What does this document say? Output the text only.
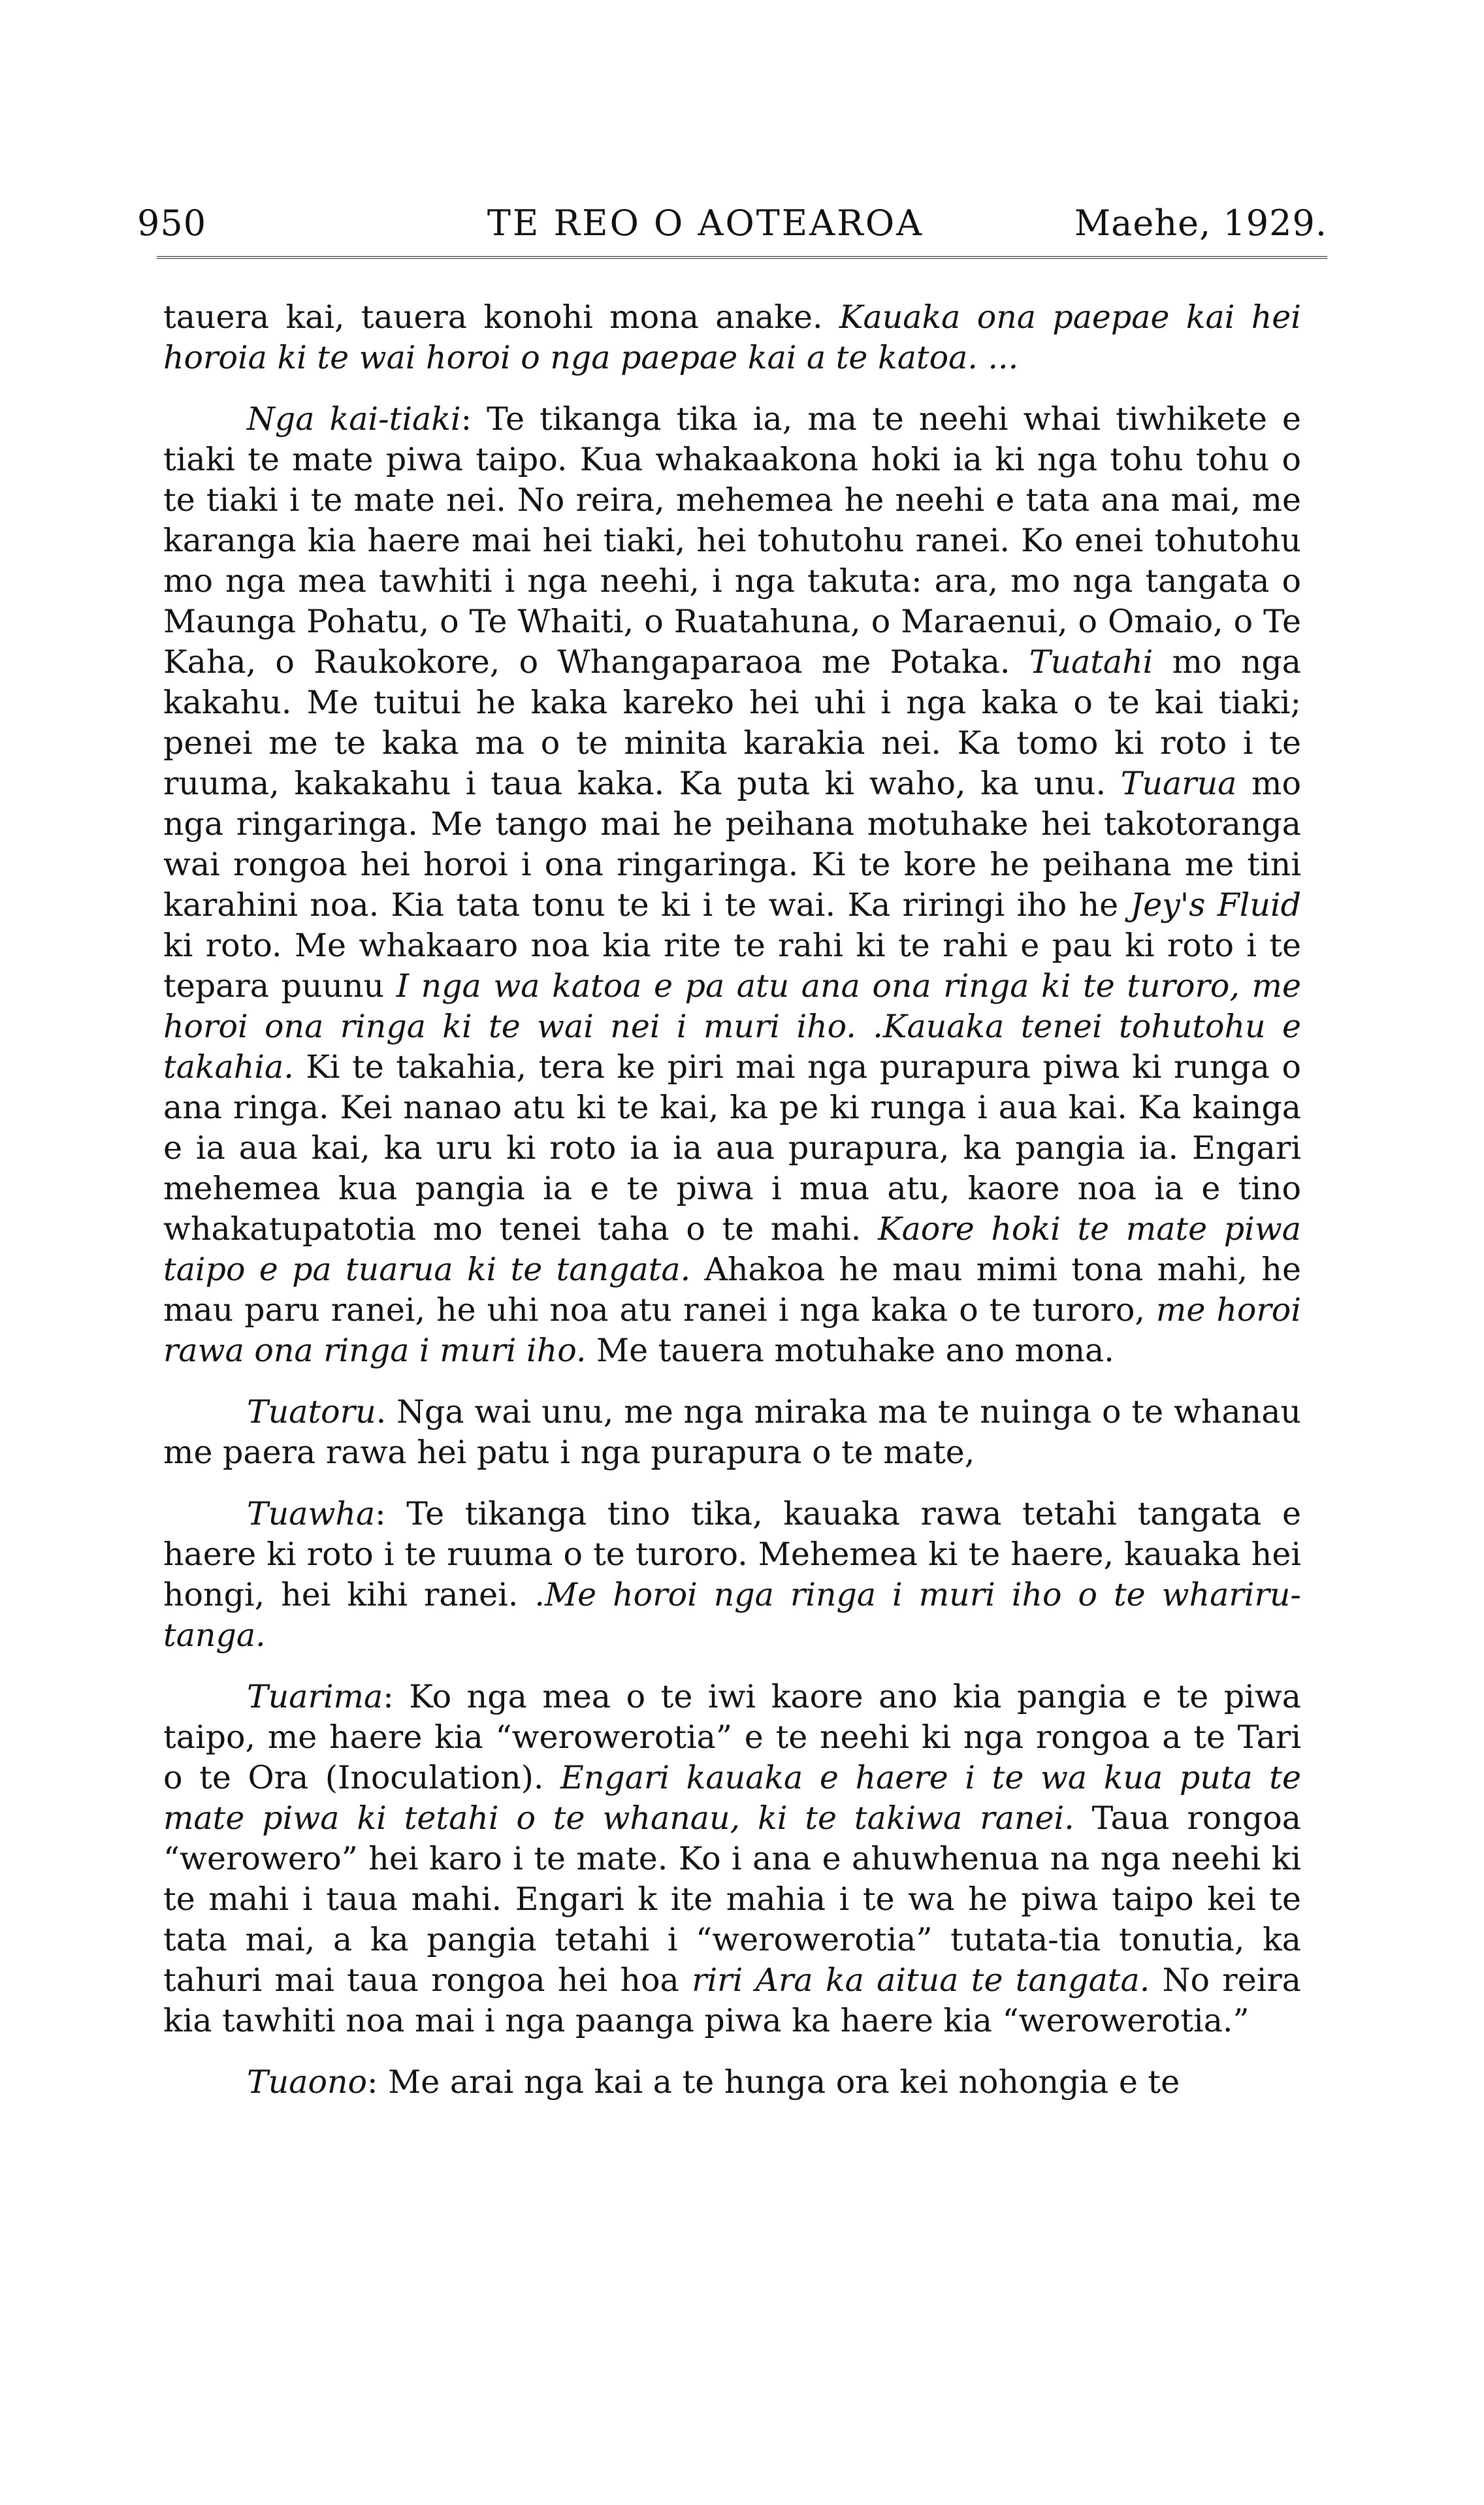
950	TE REO O AOTEAROA	Maehe, 1929.

tauera kai, tauera konohi mona anake. Kauaka ona paepae kai hei horoia ki te wai horoi o nga paepae kai a te katoa. ...

Nga kai-tiaki: Te tikanga tika ia, ma te neehi whai tiwhikete e tiaki te mate piwa taipo. Kua whakaakona hoki ia ki nga tohu tohu o te tiaki i te mate nei. No reira, mehemea he neehi e tata ana mai, me karanga kia haere mai hei tiaki, hei tohutohu ranei. Ko enei tohutohu mo nga mea tawhiti i nga neehi, i nga takuta: ara, mo nga tangata o Maunga Pohatu, o Te Whaiti, o Ruatahuna, o Maraenui, o Omaio, o Te Kaha, o Raukokore, o Whangaparaoa me Potaka. Tuatahi mo nga kakahu. Me tuitui he kaka kareko hei uhi i nga kaka o te kai tiaki; penei me te kaka ma o te minita karakia nei. Ka tomo ki roto i te ruuma, kakakahu i taua kaka. Ka puta ki waho, ka unu. Tuarua mo nga ringaringa. Me tango mai he peihana motuhake hei takotoranga wai rongoa hei horoi i ona ringaringa. Ki te kore he peihana me tini karahini noa. Kia tata tonu te ki i te wai. Ka riringi iho he Jey's Fluid ki roto. Me whakaaro noa kia rite te rahi ki te rahi e pau ki roto i te tepara puunu I nga wa katoa e pa atu ana ona ringa ki te turoro, me horoi ona ringa ki te wai nei i muri iho. .Kauaka tenei tohutohu e takahia. Ki te takahia, tera ke piri mai nga purapura piwa ki runga o ana ringa. Kei nanao atu ki te kai, ka pe ki runga i aua kai. Ka kainga e ia aua kai, ka uru ki roto ia ia aua purapura, ka pangia ia. Engari mehemea kua pangia ia e te piwa i mua atu, kaore noa ia e tino whakatupatotia mo tenei taha o te mahi. Kaore hoki te mate piwa taipo e pa tuarua ki te tangata. Ahakoa he mau mimi tona mahi, he mau paru ranei, he uhi noa atu ranei i nga kaka o te turoro, me horoi rawa ona ringa i muri iho. Me tauera motuhake ano mona.

Tuatoru. Nga wai unu, me nga miraka ma te nuinga o te whanau me paera rawa hei patu i nga purapura o te mate,

Tuawha: Te tikanga tino tika, kauaka rawa tetahi tangata e haere ki roto i te ruuma o te turoro. Mehemea ki te haere, kauaka hei hongi, hei kihi ranei. .Me horoi nga ringa i muri iho o te whariru-tanga.

Tuarima: Ko nga mea o te iwi kaore ano kia pangia e te piwa taipo, me haere kia “werowerotia” e te neehi ki nga rongoa a te Tari o te Ora (Inoculation). Engari kauaka e haere i te wa kua puta te mate piwa ki tetahi o te whanau, ki te takiwa ranei. Taua rongoa “werowero” hei karo i te mate. Ko i ana e ahuwhenua na nga neehi ki te mahi i taua mahi. Engari k ite mahia i te wa he piwa taipo kei te tata mai, a ka pangia tetahi i “werowerotia” tutata-tia tonutia, ka tahuri mai taua rongoa hei hoa riri Ara ka aitua te tangata. No reira kia tawhiti noa mai i nga paanga piwa ka haere kia “werowerotia.”

Tuaono: Me arai nga kai a te hunga ora kei nohongia e te
